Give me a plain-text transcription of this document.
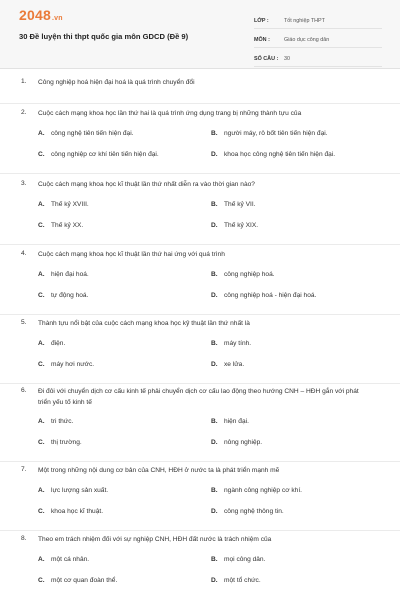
2048.vn
30 Đề luyện thi thpt quốc gia môn GDCD (Đề 9)
LỚP :	Tốt nghiệp THPT
MÔN :	Giáo dục công dân
SỐ CÂU :	30
1. Công nghiệp hoá hiện đại hoá là quá trình chuyển đổi
2. Cuộc cách mạng khoa học lần thứ hai là quá trình ứng dụng trang bị những thành tựu của
A. công nghệ tiên tiến hiện đại.	B. người máy, rô bốt tiên tiến hiện đại.
C. công nghiệp cơ khí tiên tiến hiện đại.	D. khoa học công nghệ tiên tiến hiện đại.
3. Cuộc cách mạng khoa học kĩ thuật lần thứ nhất diễn ra vào thời gian nào?
A. Thế kỷ XVIII.	B. Thế kỷ VII.
C. Thế kỷ XX.	D. Thế kỷ XIX.
4. Cuộc cách mạng khoa học kĩ thuật lần thứ hai ứng với quá trình
A. hiện đại hoá.	B. công nghiệp hoá.
C. tự động hoá.	D. công nghiệp hoá - hiện đại hoá.
5. Thành tựu nổi bật của cuộc cách mạng khoa học kỹ thuật lần thứ nhất là
A. điện.	B. máy tính.
C. máy hơi nước.	D. xe lửa.
6. Đi đôi với chuyển dịch cơ cấu kinh tế phải chuyển dịch cơ cấu lao động theo hướng CNH – HĐH gắn với phát triển yếu tố kinh tế
A. tri thức.	B. hiện đại.
C. thị trường.	D. nông nghiệp.
7. Một trong những nội dung cơ bản của CNH, HĐH ở nước ta là phát triển mạnh mẽ
A. lực lượng sản xuất.	B. ngành công nghiệp cơ khí.
C. khoa học kĩ thuật.	D. công nghệ thông tin.
8. Theo em trách nhiệm đối với sự nghiệp CNH, HĐH đất nước là trách nhiệm của
A. một cá nhân.	B. mọi công dân.
C. một cơ quan đoàn thể.	D. một tổ chức.
